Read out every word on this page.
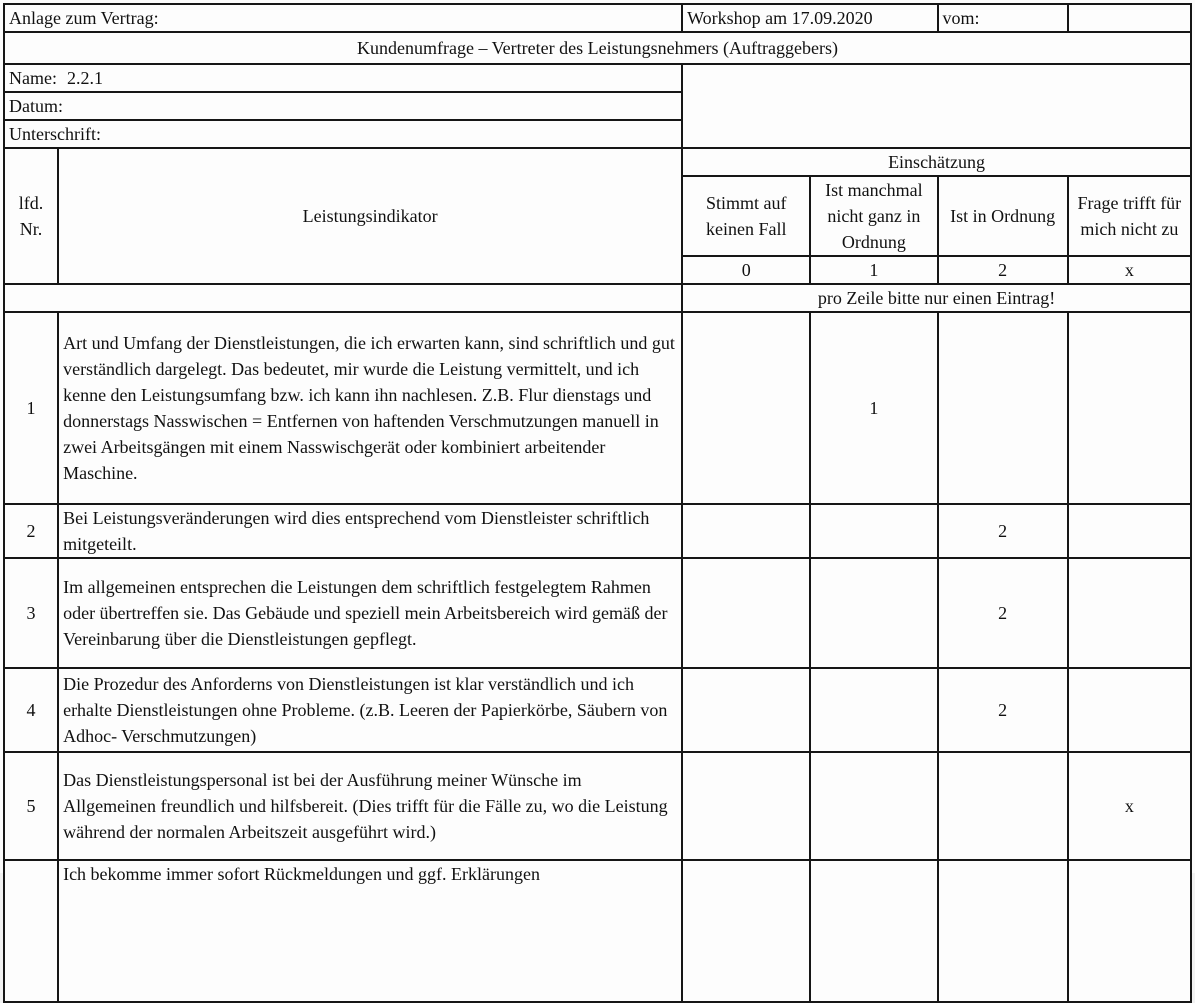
Anlage zum Vertrag:		Workshop am 17.09.2020		vom:	
Kundenumfrage – Vertreter des Leistungsnehmers (Auftraggebers)					
Name: 2.2.1					
Datum:					
Unterschrift:					
lfd. Nr.	Leistungsindikator	Einschätzung			
		Stimmt auf keinen Fall	Ist manchmal nicht ganz in Ordnung	Ist in Ordnung	Frage trifft für mich nicht zu
		0	1	2	x
		pro Zeile bitte nur einen Eintrag!			
1	Art und Umfang der Dienstleistungen, die ich erwarten kann, sind schriftlich und gut verständlich dargelegt. Das bedeutet, mir wurde die Leistung vermittelt, und ich kenne den Leistungsumfang bzw. ich kann ihn nachlesen. Z.B. Flur dienstags und donnerstags Nasswischen = Entfernen von haftenden Verschmutzungen manuell in zwei Arbeitsgängen mit einem Nasswischgerät oder kombiniert arbeitender Maschine.		1		
2	Bei Leistungsveränderungen wird dies entsprechend vom Dienstleister schriftlich mitgeteilt.			2	
3	Im allgemeinen entsprechen die Leistungen dem schriftlich festgelegtem Rahmen oder übertreffen sie. Das Gebäude und speziell mein Arbeitsbereich wird gemäß der Vereinbarung über die Dienstleistungen gepflegt.			2	
4	Die Prozedur des Anforderns von Dienstleistungen ist klar verständlich und ich erhalte Dienstleistungen ohne Probleme. (z.B. Leeren der Papierkörbe, Säubern von Adhoc- Verschmutzungen)			2	
5	Das Dienstleistungspersonal ist bei der Ausführung meiner Wünsche im Allgemeinen freundlich und hilfsbereit. (Dies trifft für die Fälle zu, wo die Leistung während der normalen Arbeitszeit ausgeführt wird.)				x
	Ich bekomme immer sofort Rückmeldungen und ggf. Erklärungen				
